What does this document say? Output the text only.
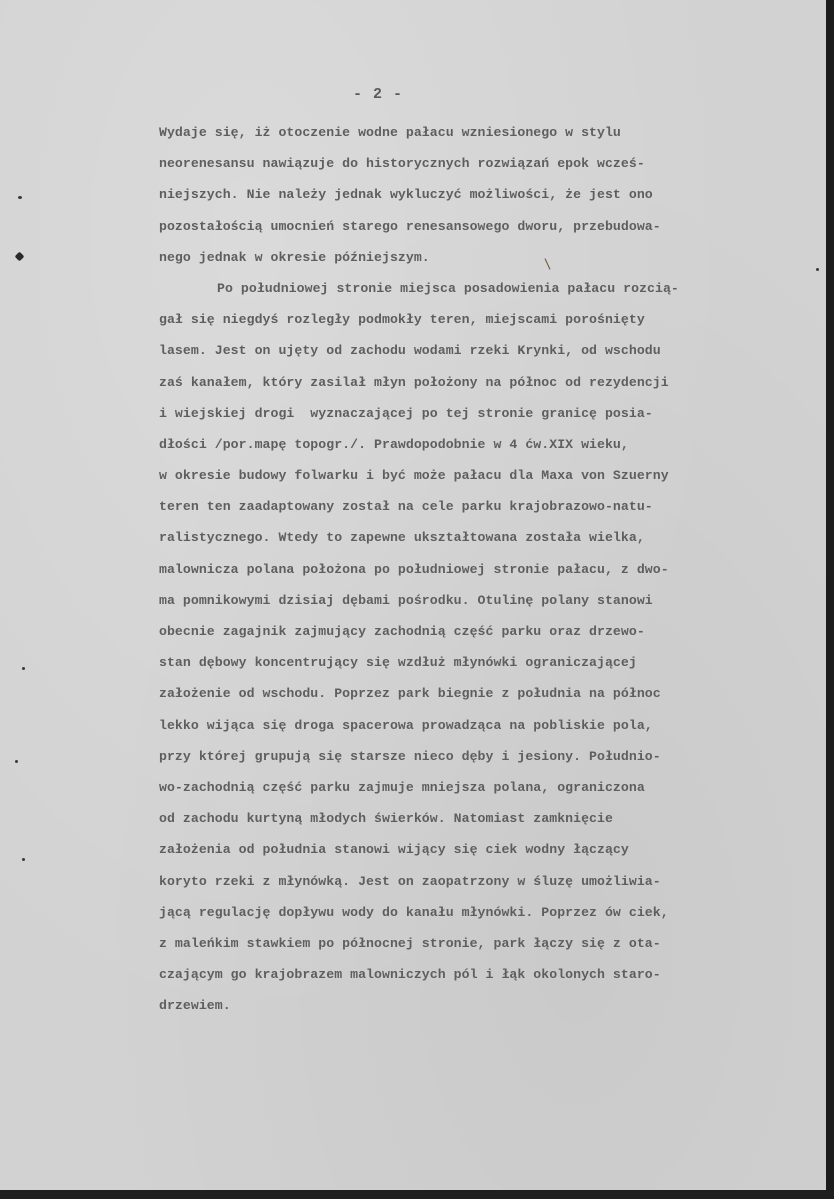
- 2 -
Wydaje się, iż otoczenie wodne pałacu wzniesionego w stylu
neorenesansu nawiązuje do historycznych rozwiązań epok wcześ-
niejszych. Nie należy jednak wykluczyć możliwości, że jest ono
pozostałością umocnień starego renesansowego dworu, przebudowa-
nego jednak w okresie późniejszym.
Po południowej stronie miejsca posadowienia pałacu rozcią-
gał się niegdyś rozległy podmokły teren, miejscami porośnięty
lasem. Jest on ujęty od zachodu wodami rzeki Krynki, od wschodu
zaś kanałem, który zasilał młyn położony na północ od rezydencji
i wiejskiej drogi  wyznaczającej po tej stronie granicę posia-
dłości /por.mapę topogr./. Prawdopodobnie w 4 ćw.XIX wieku,
w okresie budowy folwarku i być może pałacu dla Maxa von Szuerny
teren ten zaadaptowany został na cele parku krajobrazowo-natu-
ralistycznego. Wtedy to zapewne ukształtowana została wielka,
malownicza polana położona po południowej stronie pałacu, z dwo-
ma pomnikowymi dzisiaj dębami pośrodku. Otulinę polany stanowi
obecnie zagajnik zajmujący zachodnią część parku oraz drzewo-
stan dębowy koncentrujący się wzdłuż młynówki ograniczającej
założenie od wschodu. Poprzez park biegnie z południa na północ
lekko wijąca się droga spacerowa prowadząca na pobliskie pola,
przy której grupują się starsze nieco dęby i jesiony. Południo-
wo-zachodnią część parku zajmuje mniejsza polana, ograniczona
od zachodu kurtyną młodych świerków. Natomiast zamknięcie
założenia od południa stanowi wijący się ciek wodny łączący
koryto rzeki z młynówką. Jest on zaopatrzony w śluzę umożliwia-
jącą regulację dopływu wody do kanału młynówki. Poprzez ów ciek,
z maleńkim stawkiem po północnej stronie, park łączy się z ota-
czającym go krajobrazem malowniczych pól i łąk okolonych staro-
drzewiem.
